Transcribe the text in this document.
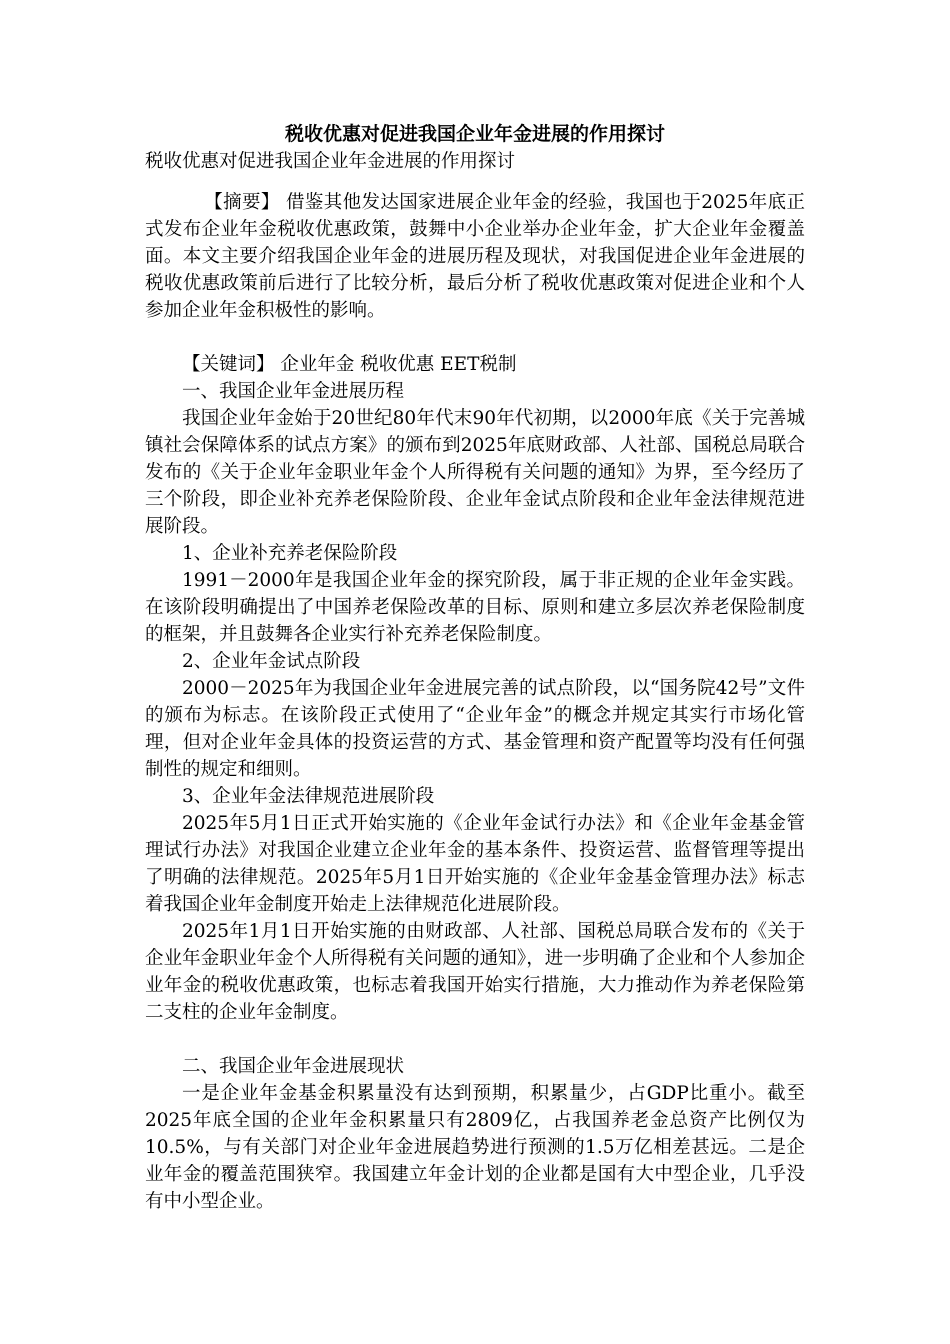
税收优惠对促进我国企业年金进展的作用探讨
税收优惠对促进我国企业年金进展的作用探讨

【摘要】 借鉴其他发达国家进展企业年金的经验，我国也于2025年底正式发布企业年金税收优惠政策，鼓舞中小企业举办企业年金，扩大企业年金覆盖面。本文主要介绍我国企业年金的进展历程及现状，对我国促进企业年金进展的税收优惠政策前后进行了比较分析，最后分析了税收优惠政策对促进企业和个人参加企业年金积极性的影响。

【关键词】 企业年金 税收优惠 EET税制

一、我国企业年金进展历程

我国企业年金始于20世纪80年代末90年代初期，以2000年底《关于完善城镇社会保障体系的试点方案》的颁布到2025年底财政部、人社部、国税总局联合发布的《关于企业年金职业年金个人所得税有关问题的通知》为界，至今经历了三个阶段，即企业补充养老保险阶段、企业年金试点阶段和企业年金法律规范进展阶段。

1、企业补充养老保险阶段

1991－2000年是我国企业年金的探究阶段，属于非正规的企业年金实践。在该阶段明确提出了中国养老保险改革的目标、原则和建立多层次养老保险制度的框架，并且鼓舞各企业实行补充养老保险制度。

2、企业年金试点阶段

2000－2025年为我国企业年金进展完善的试点阶段，以“国务院42号”文件的颁布为标志。在该阶段正式使用了“企业年金”的概念并规定其实行市场化管理，但对企业年金具体的投资运营的方式、基金管理和资产配置等均没有任何强制性的规定和细则。

3、企业年金法律规范进展阶段

2025年5月1日正式开始实施的《企业年金试行办法》和《企业年金基金管理试行办法》对我国企业建立企业年金的基本条件、投资运营、监督管理等提出了明确的法律规范。2025年5月1日开始实施的《企业年金基金管理办法》标志着我国企业年金制度开始走上法律规范化进展阶段。

2025年1月1日开始实施的由财政部、人社部、国税总局联合发布的《关于企业年金职业年金个人所得税有关问题的通知》，进一步明确了企业和个人参加企业年金的税收优惠政策，也标志着我国开始实行措施，大力推动作为养老保险第二支柱的企业年金制度。

二、我国企业年金进展现状

一是企业年金基金积累量没有达到预期，积累量少，占GDP比重小。截至2025年底全国的企业年金积累量只有2809亿，占我国养老金总资产比例仅为10.5%，与有关部门对企业年金进展趋势进行预测的1.5万亿相差甚远。二是企业年金的覆盖范围狭窄。我国建立年金计划的企业都是国有大中型企业，几乎没有中小型企业。
